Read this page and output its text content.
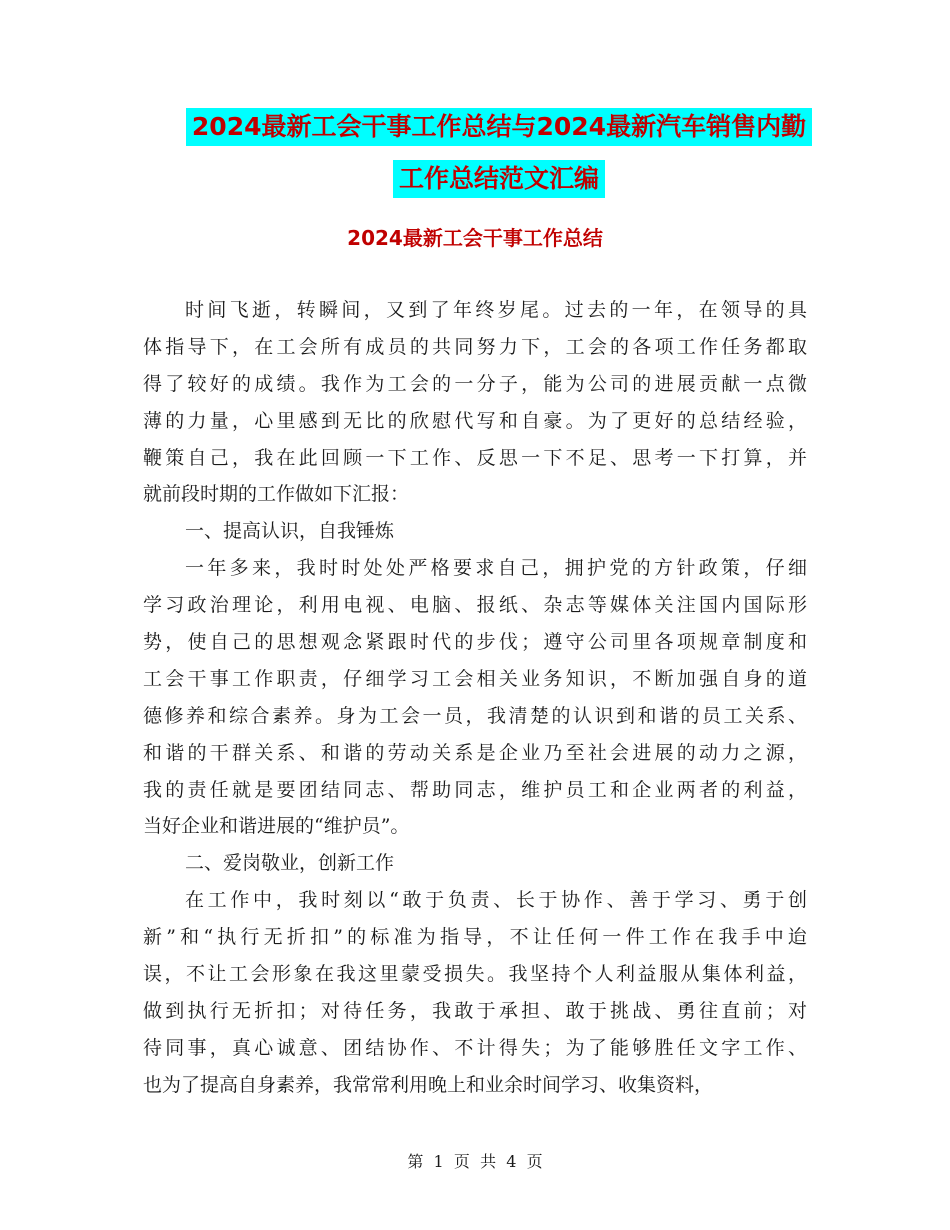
2024最新工会干事工作总结与2024最新汽车销售内勤
工作总结范文汇编
2024最新工会干事工作总结
时间飞逝，转瞬间，又到了年终岁尾。过去的一年，在领导的具
体指导下，在工会所有成员的共同努力下，工会的各项工作任务都取
得了较好的成绩。我作为工会的一分子，能为公司的进展贡献一点微
薄的力量，心里感到无比的欣慰代写和自豪。为了更好的总结经验，
鞭策自己，我在此回顾一下工作、反思一下不足、思考一下打算，并
就前段时期的工作做如下汇报：
一、提高认识，自我锤炼
一年多来，我时时处处严格要求自己，拥护党的方针政策，仔细
学习政治理论，利用电视、电脑、报纸、杂志等媒体关注国内国际形
势，使自己的思想观念紧跟时代的步伐；遵守公司里各项规章制度和
工会干事工作职责，仔细学习工会相关业务知识，不断加强自身的道
德修养和综合素养。身为工会一员，我清楚的认识到和谐的员工关系、
和谐的干群关系、和谐的劳动关系是企业乃至社会进展的动力之源，
我的责任就是要团结同志、帮助同志，维护员工和企业两者的利益，
当好企业和谐进展的“维护员”。
二、爱岗敬业，创新工作
在工作中，我时刻以“敢于负责、长于协作、善于学习、勇于创
新”和“执行无折扣”的标准为指导，不让任何一件工作在我手中迨
误，不让工会形象在我这里蒙受损失。我坚持个人利益服从集体利益，
做到执行无折扣；对待任务，我敢于承担、敢于挑战、勇往直前；对
待同事，真心诚意、团结协作、不计得失；为了能够胜任文字工作、
也为了提高自身素养，我常常利用晚上和业余时间学习、收集资料，
第  1  页  共  4  页
